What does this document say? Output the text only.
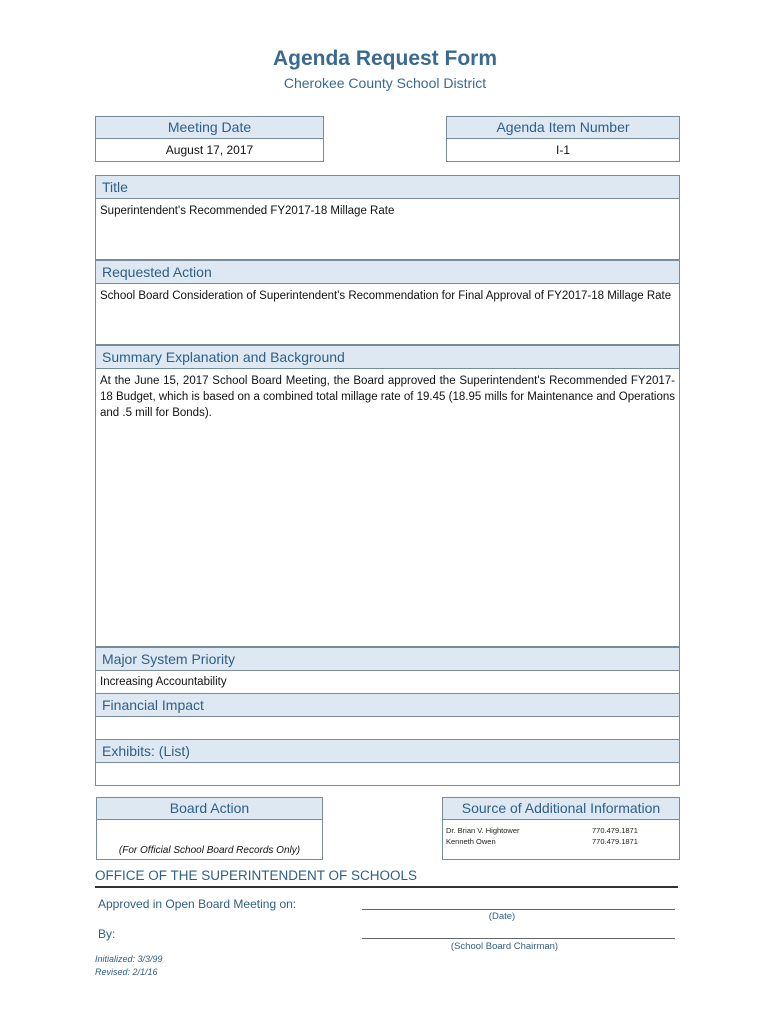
Agenda Request Form
Cherokee County School District
Meeting Date
August 17, 2017
Agenda Item Number
I-1
Title
Superintendent's Recommended FY2017-18 Millage Rate
Requested Action
School Board Consideration of Superintendent's Recommendation for Final Approval of FY2017-18 Millage Rate
Summary Explanation and Background
At the June 15, 2017 School Board Meeting, the Board approved the Superintendent's Recommended FY2017-18 Budget, which is based on a combined total millage rate of 19.45 (18.95 mills for Maintenance and Operations and .5 mill for Bonds).
Major System Priority
Increasing Accountability
Financial Impact
Exhibits: (List)
Board Action
(For Official School Board Records Only)
Source of Additional Information
Dr. Brian V. Hightower	770.479.1871
Kenneth Owen	770.479.1871
OFFICE OF THE SUPERINTENDENT OF SCHOOLS
Approved in Open Board Meeting on:
(Date)
By:
(School Board Chairman)
Initialized: 3/3/99
Revised: 2/1/16
